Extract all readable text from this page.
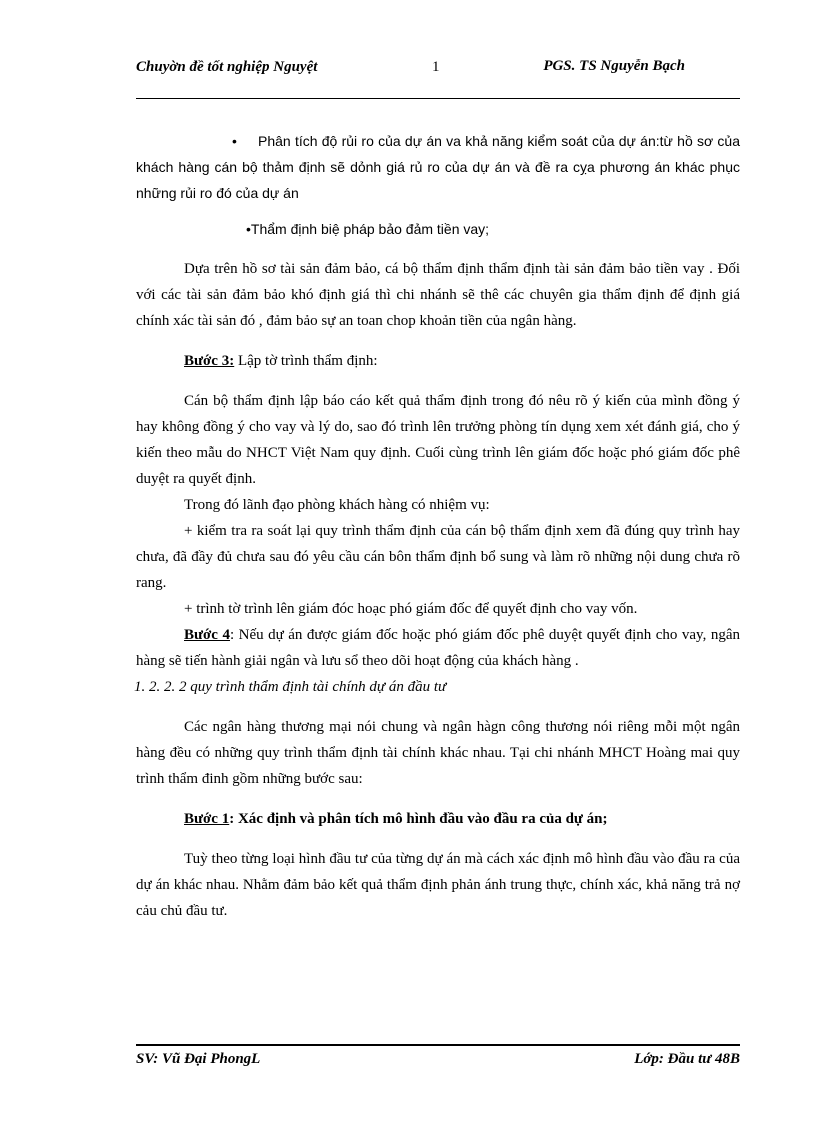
Chuyờn đề tốt nghiệp Nguyệt	1	PGS. TS Nguyễn Bạch

• Phân tích độ rủi ro của dự án va khả năng kiểm soát của dự án:từ hồ sơ của khách hàng cán bộ thảm định sẽ dỏnh giá rủ ro của dự án và đề ra cỵa phương án khác phục những rủi ro đó của dự án

•Thẩm định biệ pháp bảo đảm tiền vay;

Dựa trên hồ sơ tài sản đảm bảo, cá bộ thẩm định thẩm định tài sản đảm bảo tiền vay . Đối với các tài sản đảm bảo khó định giá thì chi nhánh sẽ thê các chuyên gia thẩm định để định giá chính xác tài sản đó , đảm bảo sự an toan chop khoản tiền của ngân hàng.

Bước 3: Lập tờ trình thẩm định:

Cán bộ thẩm định lập báo cáo kết quả thẩm định trong đó nêu rõ ý kiến của mình đồng ý hay không đồng ý cho vay và lý do, sao đó trình lên trưởng phòng tín dụng xem xét đánh giá, cho ý kiến theo mẫu do NHCT Việt Nam quy định. Cuối cùng trình lên giám đốc hoặc phó giám đốc phê duyệt ra quyết định.

Trong đó lãnh đạo phòng khách hàng có nhiệm vụ:

+ kiểm tra ra soát lại quy trình thẩm định của cán bộ thẩm định xem đã đúng quy trình hay chưa, đã đầy đủ chưa sau đó yêu cầu cán bôn thẩm định bổ sung và làm rõ những nội dung chưa rõ rang.

+ trình tờ trình lên giám đóc hoạc phó giám đốc để quyết định cho vay vốn.

Bước 4: Nếu dự án được giám đốc hoặc phó giám đốc phê duyệt quyết định cho vay, ngân hàng sẽ tiến hành giải ngân và lưu sổ theo dõi hoạt động của khách hàng .

1. 2. 2. 2 quy trình thẩm định tài chính dự án đầu tư

Các ngân hàng thương mại nói chung và ngân hàgn công thương nói riêng mỗi một ngân hàng đều có những quy trình thẩm định tài chính khác nhau. Tại chi nhánh MHCT Hoàng mai quy trình thẩm đinh gồm những bước sau:

Bước 1: Xác định và phân tích mô hình đầu vào đầu ra của dự án;

Tuỳ theo từng loại hình đầu tư của từng dự án mà cách xác định mô hình đầu vào đầu ra của dự án khác nhau. Nhằm đảm bảo kết quả thẩm định phản ánh trung thực, chính xác, khả năng trả nợ cảu chủ đầu tư.

SV: Vũ Đại PhongL	Lớp: Đầu tư 48B
